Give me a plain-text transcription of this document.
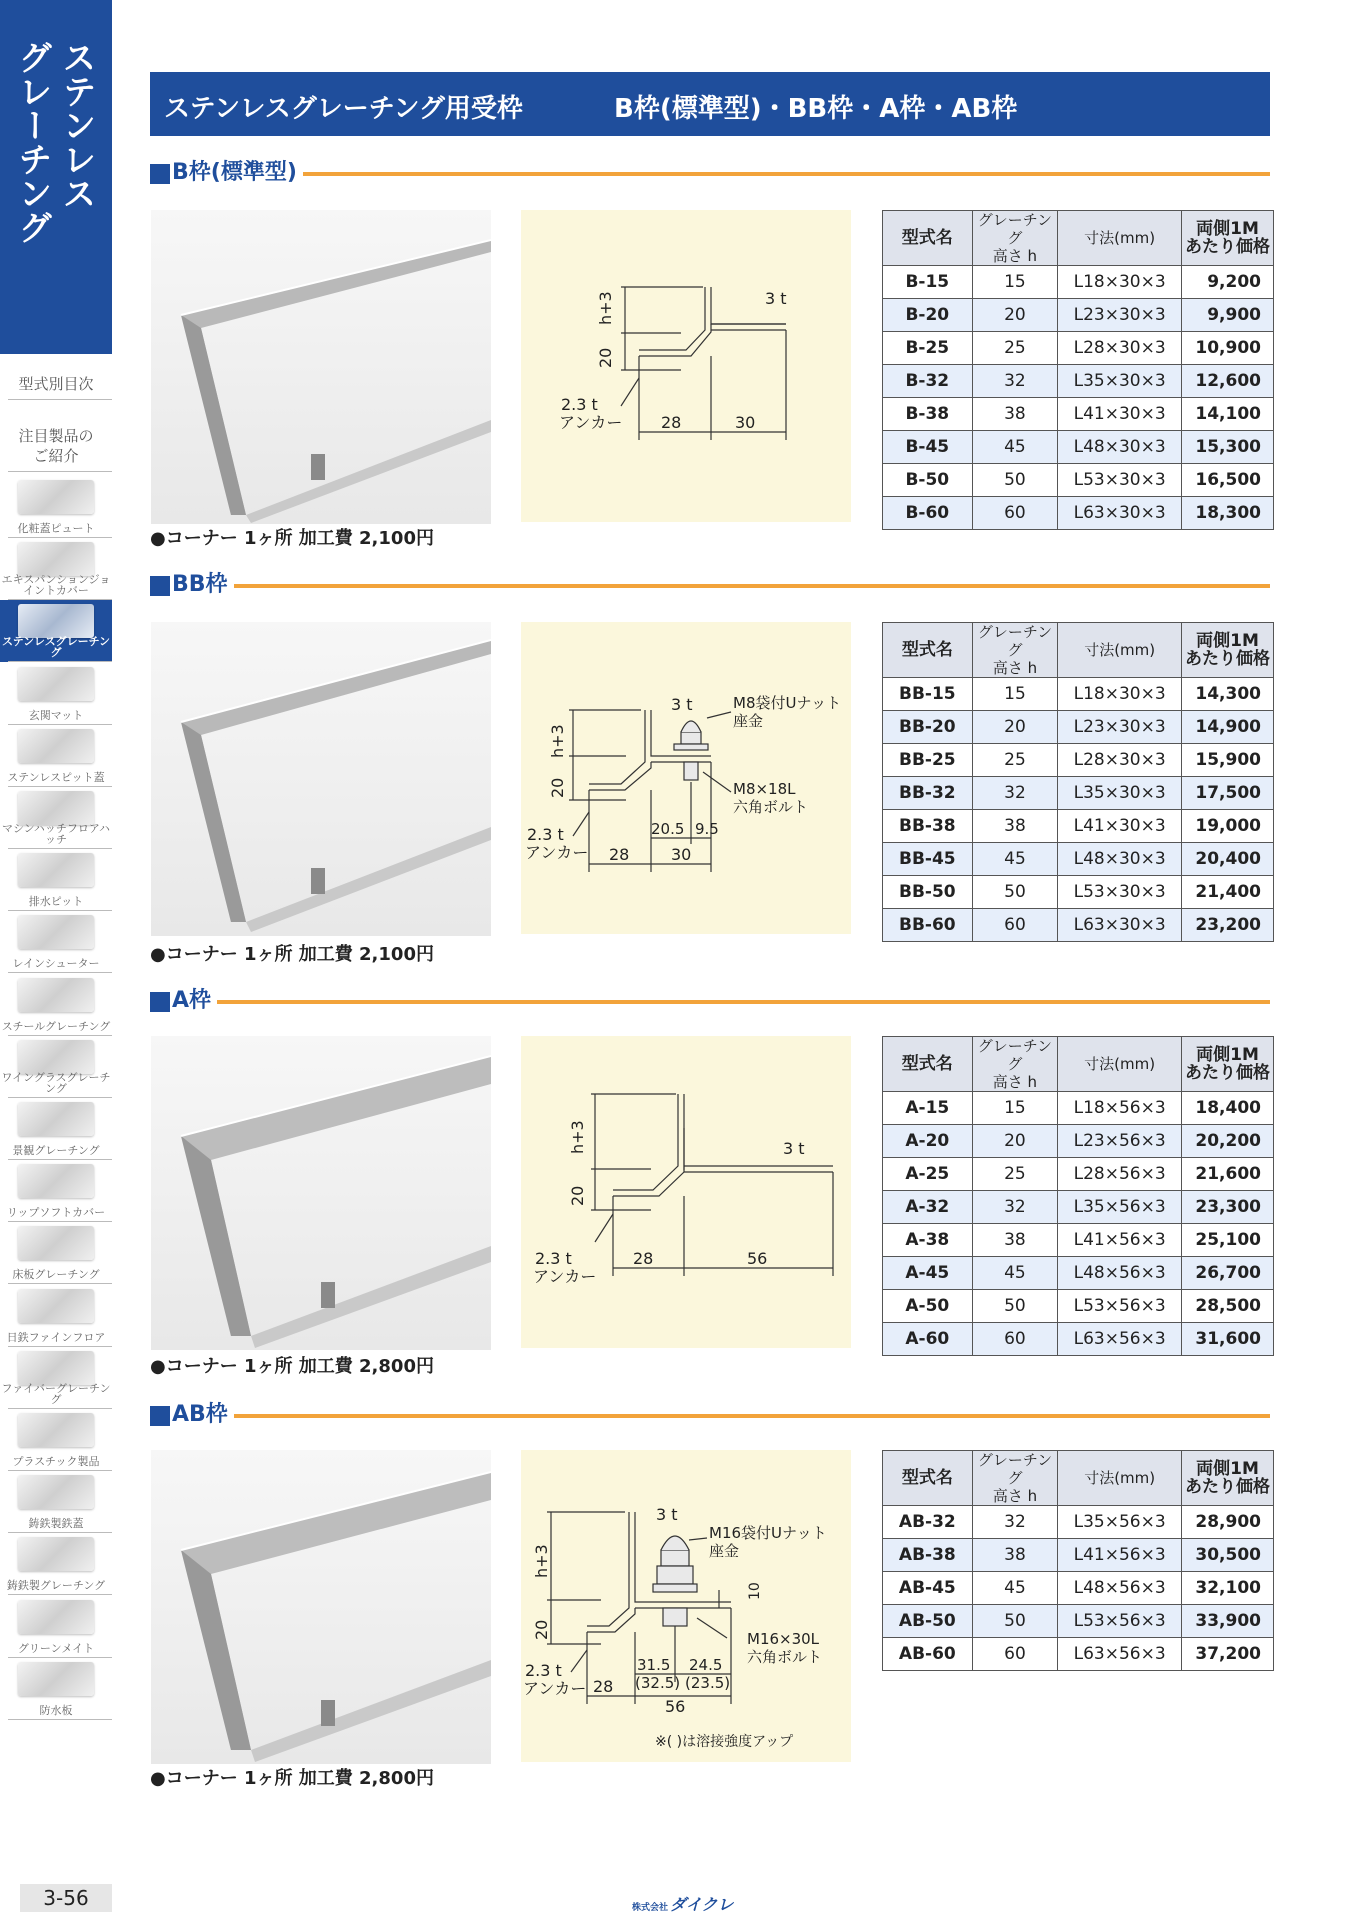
ステンレス
グレーチング
型式別目次
注目製品のご紹介
化粧蓋ピュート
エキスパンションジョイントカバー
ステンレスグレーチング
玄関マット
ステンレスピット蓋
マシンハッチフロアハッチ
排水ピット
レインシューター
スチールグレーチング
ワイングラスグレーチング
景観グレーチング
リップソフトカバー
床板グレーチング
日鉄ファインフロア
ファイバーグレーチング
プラスチック製品
鋳鉄製鉄蓋
鋳鉄製グレーチング
グリーンメイト
防水板
ステンレスグレーチング用受枠	B枠(標準型)・BB枠・A枠・AB枠
B枠(標準型)
●コーナー 1ヶ所 加工費 2,100円
3 t
h+3
20
2.3 t
アンカー 28	30
型式名	グレーチング
高さ h	寸法(mm)	両側1M
あたり価格
B-15	15	L18×30×3	9,200
B-20	20	L23×30×3	9,900
B-25	25	L28×30×3	10,900
B-32	32	L35×30×3	12,600
B-38	38	L41×30×3	14,100
B-45	45	L48×30×3	15,300
B-50	50	L53×30×3	16,500
B-60	60	L63×30×3	18,300
BB枠
●コーナー 1ヶ所 加工費 2,100円
3 t	M8袋付Uナット
座金
M8×18L
六角ボルト
h+3
20
2.3 t
アンカー
20.5 9.5
28	30
型式名	グレーチング
高さ h	寸法(mm)	両側1M
あたり価格
BB-15	15	L18×30×3	14,300
BB-20	20	L23×30×3	14,900
BB-25	25	L28×30×3	15,900
BB-32	32	L35×30×3	17,500
BB-38	38	L41×30×3	19,000
BB-45	45	L48×30×3	20,400
BB-50	50	L53×30×3	21,400
BB-60	60	L63×30×3	23,200
A枠
●コーナー 1ヶ所 加工費 2,800円
3 t
h+3
20
2.3 t
アンカー
28	56
型式名	グレーチング
高さ h	寸法(mm)	両側1M
あたり価格
A-15	15	L18×56×3	18,400
A-20	20	L23×56×3	20,200
A-25	25	L28×56×3	21,600
A-32	32	L35×56×3	23,300
A-38	38	L41×56×3	25,100
A-45	45	L48×56×3	26,700
A-50	50	L53×56×3	28,500
A-60	60	L63×56×3	31,600
AB枠
●コーナー 1ヶ所 加工費 2,800円
3 t
M16袋付Uナット
座金
10
M16×30L
六角ボルト
h+3
20
2.3 t
アンカー
31.5 24.5
(32.5) (23.5)
28
56
※( )は溶接強度アップ
型式名	グレーチング
高さ h	寸法(mm)	両側1M
あたり価格
AB-32	32	L35×56×3	28,900
AB-38	38	L41×56×3	30,500
AB-45	45	L48×56×3	32,100
AB-50	50	L53×56×3	33,900
AB-60	60	L63×56×3	37,200
3-56	株式会社 ダイクレ
